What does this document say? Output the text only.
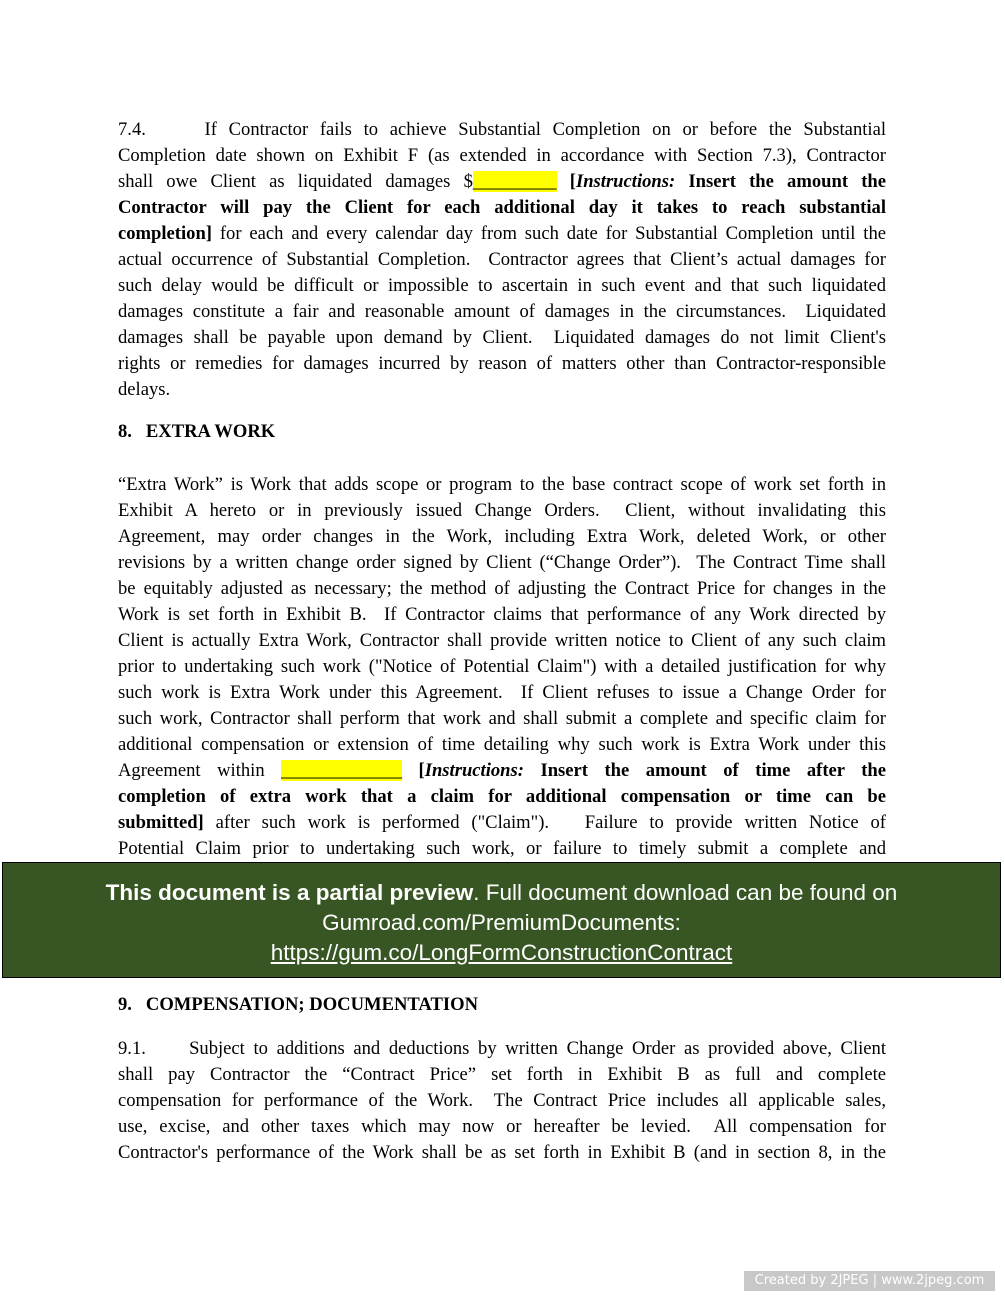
7.4.     If Contractor fails to achieve Substantial Completion on or before the Substantial
Completion date shown on Exhibit F (as extended in accordance with Section 7.3), Contractor
shall owe Client as liquidated damages $_________ [Instructions: Insert the amount the
Contractor will pay the Client for each additional day it takes to reach substantial
completion] for each and every calendar day from such date for Substantial Completion until the
actual occurrence of Substantial Completion.  Contractor agrees that Client’s actual damages for
such delay would be difficult or impossible to ascertain in such event and that such liquidated
damages constitute a fair and reasonable amount of damages in the circumstances.  Liquidated
damages shall be payable upon demand by Client.  Liquidated damages do not limit Client's
rights or remedies for damages incurred by reason of matters other than Contractor-responsible
delays.
8.   EXTRA WORK
“Extra Work” is Work that adds scope or program to the base contract scope of work set forth in
Exhibit A hereto or in previously issued Change Orders.  Client, without invalidating this
Agreement, may order changes in the Work, including Extra Work, deleted Work, or other
revisions by a written change order signed by Client (“Change Order”).  The Contract Time shall
be equitably adjusted as necessary; the method of adjusting the Contract Price for changes in the
Work is set forth in Exhibit B.  If Contractor claims that performance of any Work directed by
Client is actually Extra Work, Contractor shall provide written notice to Client of any such claim
prior to undertaking such work ("Notice of Potential Claim") with a detailed justification for why
such work is Extra Work under this Agreement.  If Client refuses to issue a Change Order for
such work, Contractor shall perform that work and shall submit a complete and specific claim for
additional compensation or extension of time detailing why such work is Extra Work under this
Agreement within _____________ [Instructions: Insert the amount of time after the
completion of extra work that a claim for additional compensation or time can be
submitted] after such work is performed ("Claim").   Failure to provide written Notice of
Potential Claim prior to undertaking such work, or failure to timely submit a complete and
This document is a partial preview. Full document download can be found on
Gumroad.com/PremiumDocuments:
https://gum.co/LongFormConstructionContract
9.   COMPENSATION; DOCUMENTATION
9.1.     Subject to additions and deductions by written Change Order as provided above, Client
shall pay Contractor the “Contract Price” set forth in Exhibit B as full and complete
compensation for performance of the Work.  The Contract Price includes all applicable sales,
use, excise, and other taxes which may now or hereafter be levied.  All compensation for
Contractor's performance of the Work shall be as set forth in Exhibit B (and in section 8, in the
Created by 2JPEG | www.2jpeg.com
